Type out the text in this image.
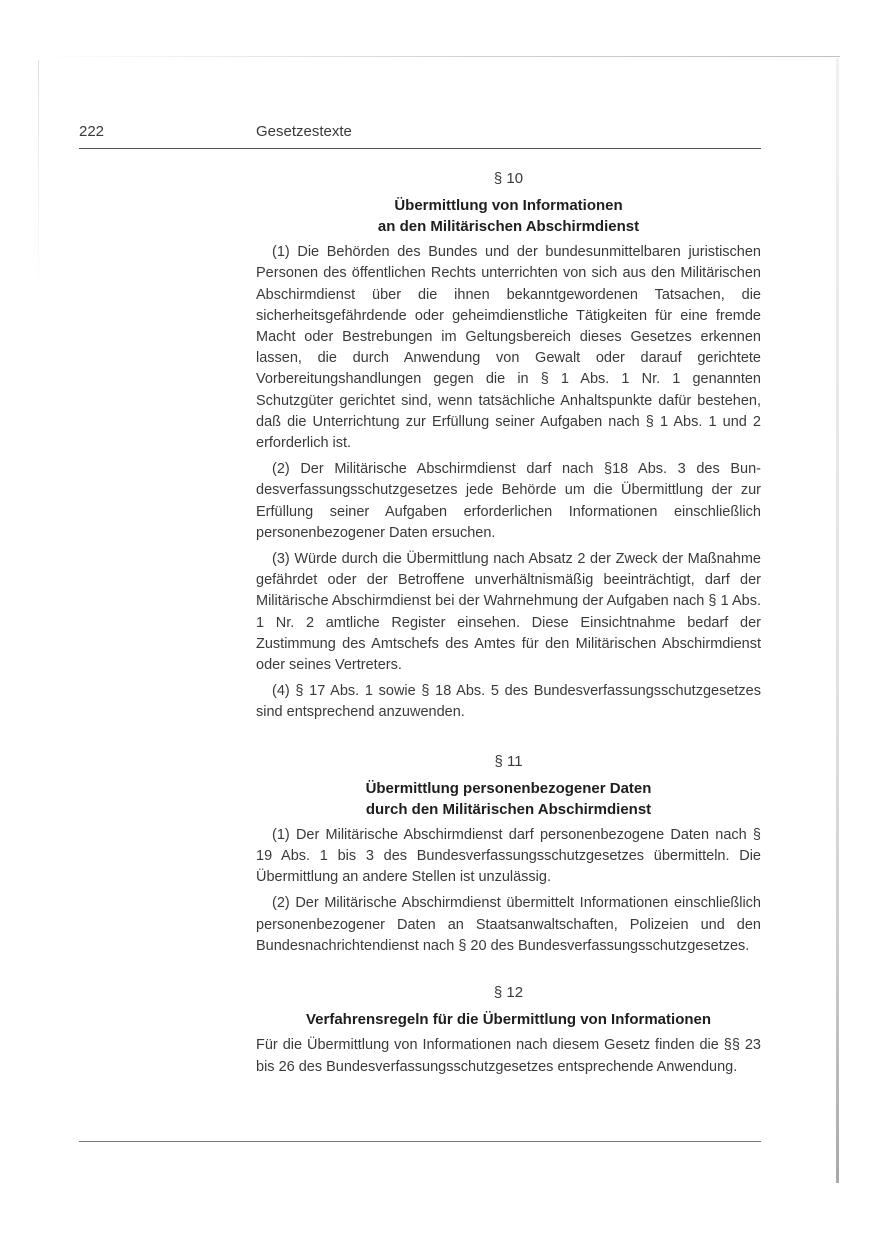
222	Gesetzestexte
§ 10
Übermittlung von Informationen
an den Militärischen Abschirmdienst

(1) Die Behörden des Bundes und der bundesunmittelbaren juristischen Personen des öffentlichen Rechts unterrichten von sich aus den Militärischen Abschirmdienst über die ihnen bekanntgewordenen Tatsachen, die sicherheitsgefährdende oder geheimdienstliche Tätigkeiten für eine fremde Macht oder Bestrebungen im Geltungsbereich dieses Gesetzes erkennen lassen, die durch Anwendung von Gewalt oder darauf gerichtete Vorbereitungshandlungen gegen die in § 1 Abs. 1 Nr. 1 genannten Schutzgüter gerichtet sind, wenn tatsächliche Anhaltspunkte dafür bestehen, daß die Unterrichtung zur Erfüllung seiner Aufgaben nach § 1 Abs. 1 und 2 erforderlich ist.

(2) Der Militärische Abschirmdienst darf nach §18 Abs. 3 des Bundesverfassungsschutzgesetzes jede Behörde um die Übermittlung der zur Erfüllung seiner Aufgaben erforderlichen Informationen einschließlich personenbezogener Daten ersuchen.

(3) Würde durch die Übermittlung nach Absatz 2 der Zweck der Maßnahme gefährdet oder der Betroffene unverhältnismäßig beeinträchtigt, darf der Militärische Abschirmdienst bei der Wahrnehmung der Aufgaben nach § 1 Abs. 1 Nr. 2 amtliche Register einsehen. Diese Einsichtnahme bedarf der Zustimmung des Amtschefs des Amtes für den Militärischen Abschirmdienst oder seines Vertreters.

(4) § 17 Abs. 1 sowie § 18 Abs. 5 des Bundesverfassungsschutzgesetzes sind entsprechend anzuwenden.

§ 11
Übermittlung personenbezogener Daten
durch den Militärischen Abschirmdienst

(1) Der Militärische Abschirmdienst darf personenbezogene Daten nach § 19 Abs. 1 bis 3 des Bundesverfassungsschutzgesetzes übermitteln. Die Übermittlung an andere Stellen ist unzulässig.

(2) Der Militärische Abschirmdienst übermittelt Informationen einschließlich personenbezogener Daten an Staatsanwaltschaften, Polizeien und den Bundesnachrichtendienst nach § 20 des Bundesverfassungsschutzgesetzes.

§ 12
Verfahrensregeln für die Übermittlung von Informationen

Für die Übermittlung von Informationen nach diesem Gesetz finden die §§ 23 bis 26 des Bundesverfassungsschutzgesetzes entsprechende Anwendung.
